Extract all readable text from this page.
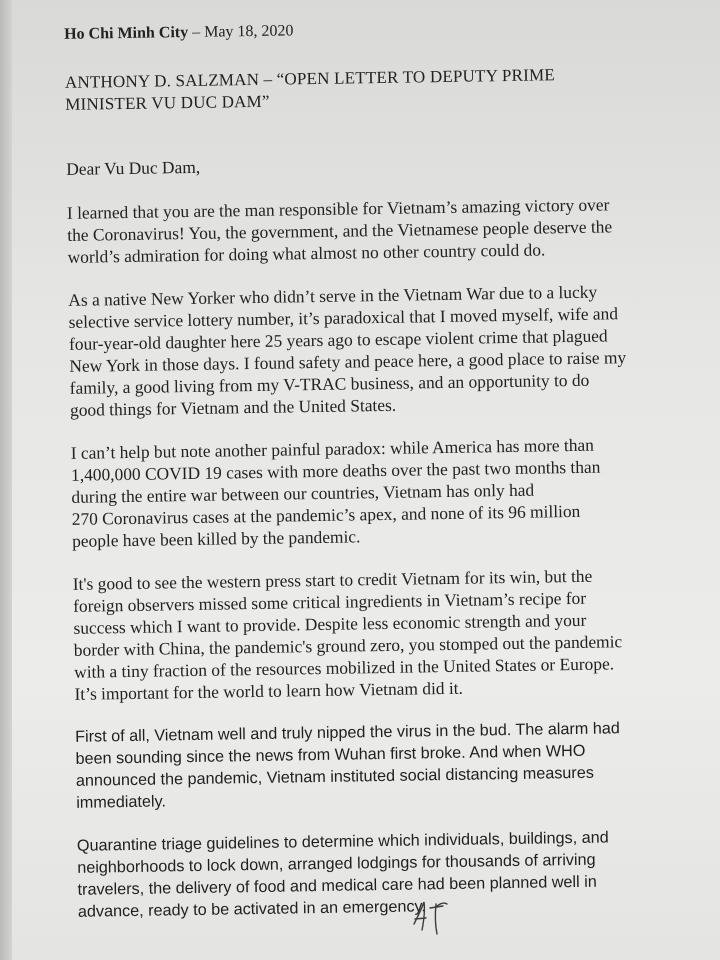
Ho Chi Minh City – May 18, 2020
ANTHONY D. SALZMAN – “OPEN LETTER TO DEPUTY PRIME
MINISTER VU DUC DAM”
Dear Vu Duc Dam,
I learned that you are the man responsible for Vietnam’s amazing victory over
the Coronavirus! You, the government, and the Vietnamese people deserve the
world’s admiration for doing what almost no other country could do.
As a native New Yorker who didn’t serve in the Vietnam War due to a lucky
selective service lottery number, it’s paradoxical that I moved myself, wife and
four-year-old daughter here 25 years ago to escape violent crime that plagued
New York in those days. I found safety and peace here, a good place to raise my
family, a good living from my V-TRAC business, and an opportunity to do
good things for Vietnam and the United States.
I can’t help but note another painful paradox: while America has more than
1,400,000 COVID 19 cases with more deaths over the past two months than
during the entire war between our countries, Vietnam has only had
270 Coronavirus cases at the pandemic’s apex, and none of its 96 million
people have been killed by the pandemic.
It's good to see the western press start to credit Vietnam for its win, but the
foreign observers missed some critical ingredients in Vietnam’s recipe for
success which I want to provide. Despite less economic strength and your
border with China, the pandemic's ground zero, you stomped out the pandemic
with a tiny fraction of the resources mobilized in the United States or Europe.
It’s important for the world to learn how Vietnam did it.
First of all, Vietnam well and truly nipped the virus in the bud. The alarm had
been sounding since the news from Wuhan first broke. And when WHO
announced the pandemic, Vietnam instituted social distancing measures
immediately.
Quarantine triage guidelines to determine which individuals, buildings, and
neighborhoods to lock down, arranged lodgings for thousands of arriving
travelers, the delivery of food and medical care had been planned well in
advance, ready to be activated in an emergency.
